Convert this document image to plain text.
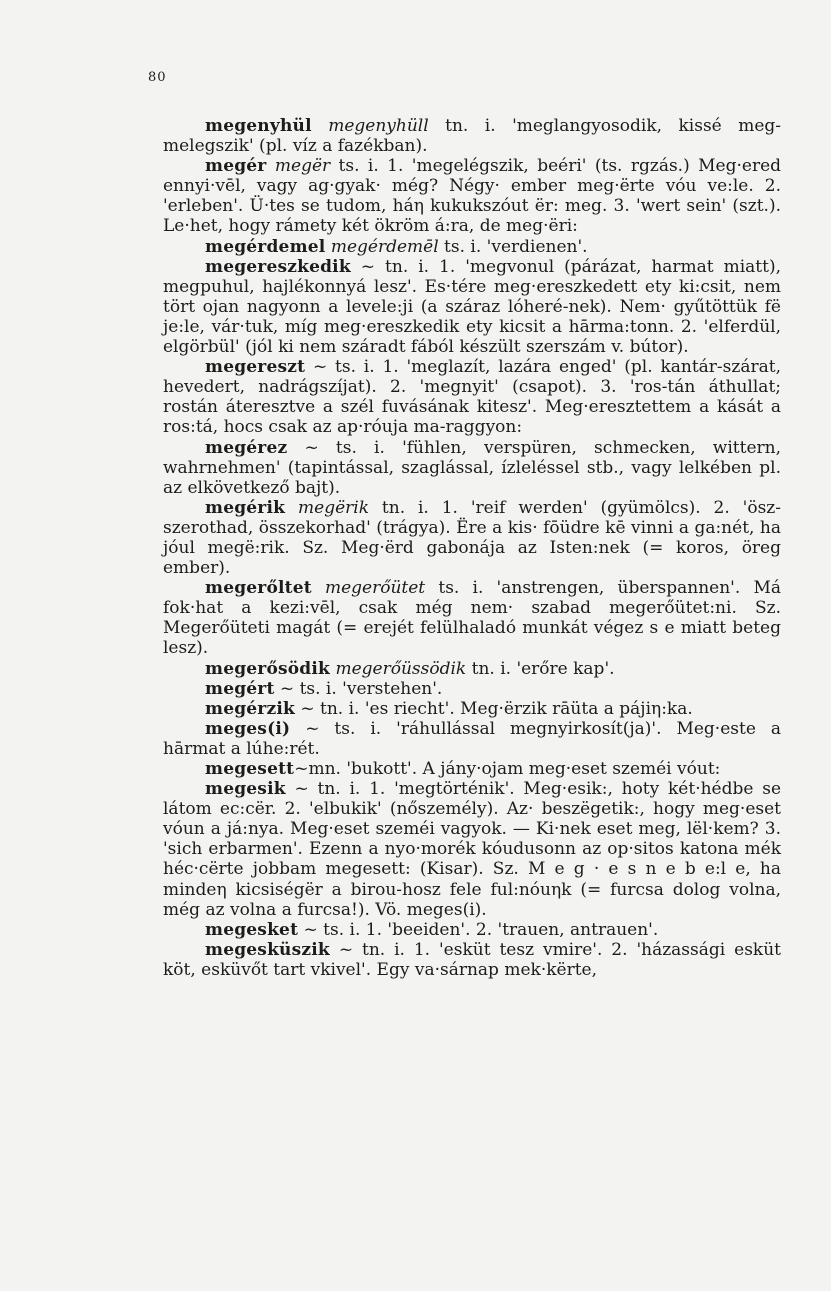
80

megenyhül megenyhüll tn. i. 'meglangyosodik, kissé meg-melegszik' (pl. víz a fazékban).

megér megër ts. i. 1. 'megelégszik, beéri' (ts. rgzás.) Meg·ered ennyi·vēl, vagy ag·gyak· még? Négy· ember meg·ërte vóu ve:le. 2. 'erleben'. Ü·tes se tudom, háη kukukszóut ër: meg. 3. 'wert sein' (szt.). Le·het, hogy rámety két ökröm á:ra, de meg·ëri:

megérdemel megérdemēl ts. i. 'verdienen'.

megereszkedik ~ tn. i. 1. 'megvonul (párázat, harmat miatt), megpuhul, hajlékonnyá lesz'. Es·tére meg·ereszkedett ety ki:csit, nem tört ojan nagyonn a levele:ji (a száraz lóheré-nek). Nem· gyűtöttük fë je:le, vár·tuk, míg meg·ereszkedik ety kicsit a hārma:tonn. 2. 'elferdül, elgörbül' (jól ki nem száradt fából készült szerszám v. bútor).

megereszt ~ ts. i. 1. 'meglazít, lazára enged' (pl. kantár-szárat, hevedert, nadrágszíjat). 2. 'megnyit' (csapot). 3. 'ros-tán áthullat; rostán áteresztve a szél fuvásának kitesz'. Meg·eresztettem a kását a ros:tá, hocs csak az ap·róuja ma-raggyon:

megérez ~ ts. i. 'fühlen, verspüren, schmecken, wittern, wahrnehmen' (tapintással, szaglással, ízleléssel stb., vagy lelkében pl. az elkövetkező bajt).

megérik megërik tn. i. 1. 'reif werden' (gyümölcs). 2. 'ösz-szerothad, összekorhad' (trágya). Ëre a kis· fōüdre kē vinni a ga:nét, ha jóul megë:rik. Sz. Meg·ërd gabonája az Isten:nek (= koros, öreg ember).

megerőltet megerőütet ts. i. 'anstrengen, überspannen'. Má fok·hat a kezi:vēl, csak még nem· szabad megerőütet:ni. Sz. Megerőüteti magát (= erejét felülhaladó munkát végez s e miatt beteg lesz).

megerősödik megerőüssödik tn. i. 'erőre kap'.

megért ~ ts. i. 'verstehen'.

megérzik ~ tn. i. 'es riecht'. Meg·ërzik rāüta a pájiη:ka.

meges(i) ~ ts. i. 'ráhullással megnyirkosít(ja)'. Meg·este a hārmat a lúhe:rét.

megesett~mn. 'bukott'. A jány·ojam meg·eset szeméi vóut:

megesik ~ tn. i. 1. 'megtörténik'. Meg·esik:, hoty két·hédbe se látom ec:cër. 2. 'elbukik' (nőszemély). Az· beszëgetik:, hogy meg·eset vóun a já:nya. Meg·eset szeméi vagyok. — Ki·nek eset meg, lël·kem? 3. 'sich erbarmen'. Ezenn a nyo·morék kóudusonn az op·sitos katona mék héc·cërte jobbam megesett: (Kisar). Sz. M e g · e s n e b e:l e, ha mindeη kicsiségër a birou-hosz fele ful:nóuηk (= furcsa dolog volna, még az volna a furcsa!). Vö. meges(i).

megesket ~ ts. i. 1. 'beeiden'. 2. 'trauen, antrauen'.

megesküszik ~ tn. i. 1. 'esküt tesz vmire'. 2. 'házassági esküt köt, esküvőt tart vkivel'. Egy va·sárnap mek·kërte,
